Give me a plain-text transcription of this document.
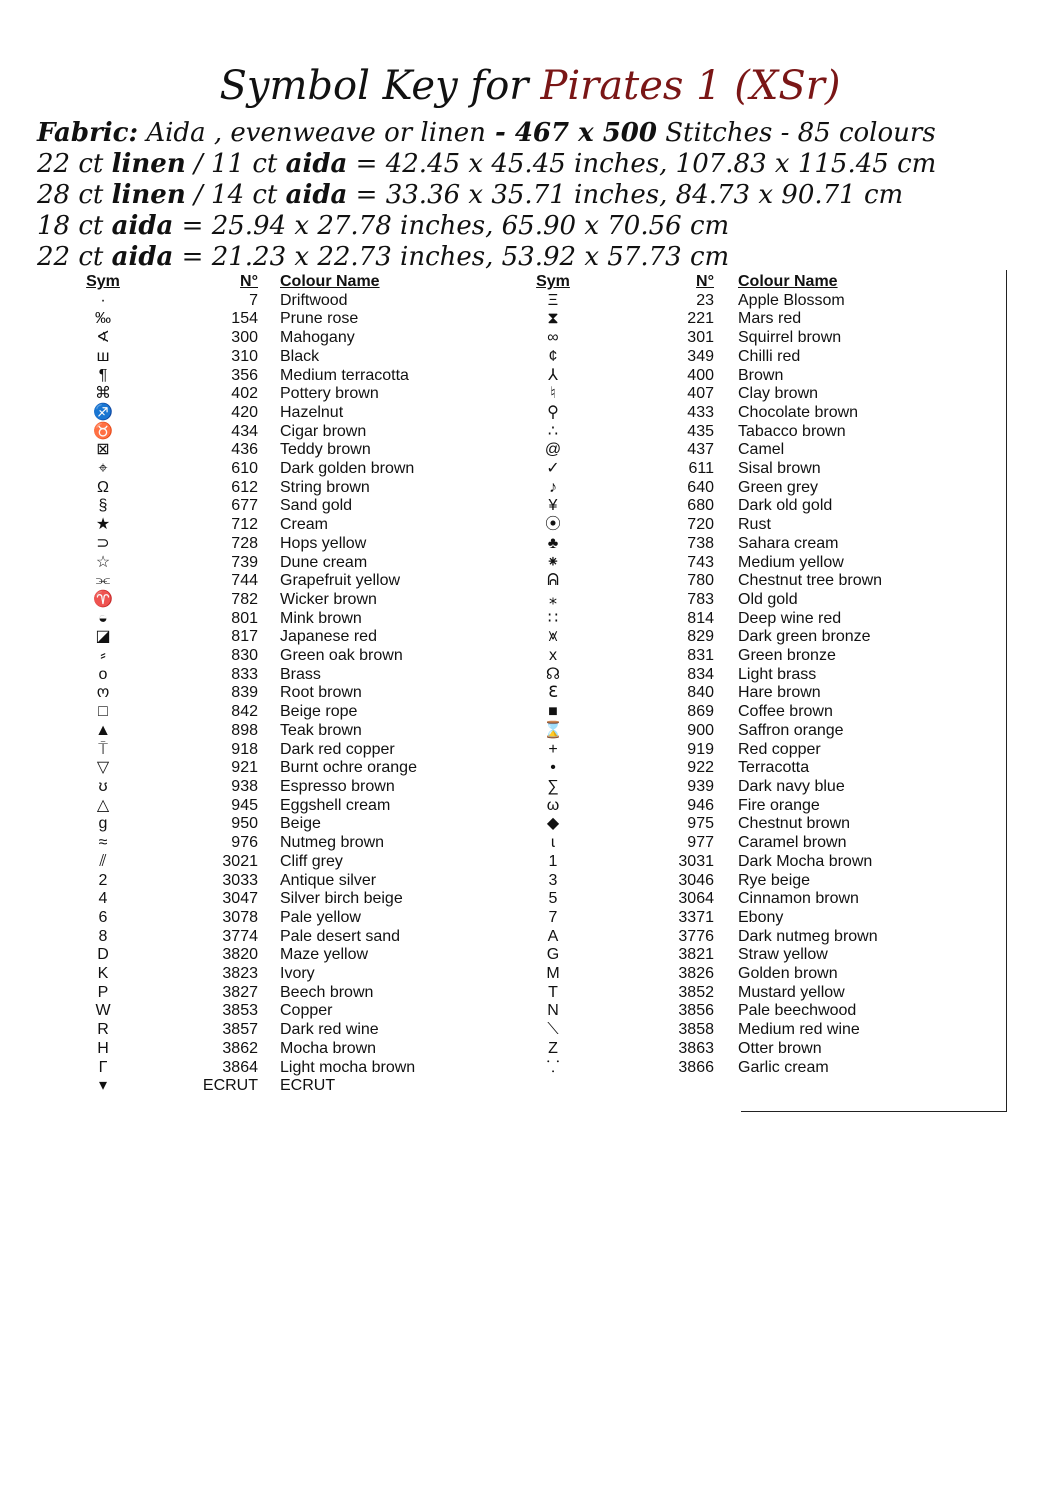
Symbol Key for Pirates 1 (XSr)
Fabric: Aida , evenweave or linen - 467 x 500 Stitches - 85 colours
22 ct linen / 11 ct aida = 42.45 x 45.45 inches, 107.83 x 115.45 cm
28 ct linen / 14 ct aida = 33.36 x 35.71 inches, 84.73 x 90.71 cm
18 ct aida = 25.94 x 27.78 inches, 65.90 x 70.56 cm
22 ct aida = 21.23 x 22.73 inches, 53.92 x 57.73 cm
Sym	N°		Colour Name	Sym	N°		Colour Name
·	7		Driftwood	Ξ	23		Apple Blossom
‰	154		Prune rose	⧗	221		Mars red
∢	300		Mahogany	∞	301		Squirrel brown
ш	310		Black	¢	349		Chilli red
¶	356		Medium terracotta	⅄	400		Brown
⌘	402		Pottery brown	♮	407		Clay brown
♐	420		Hazelnut	⚲	433		Chocolate brown
♉	434		Cigar brown	∴	435		Tabacco brown
⊠	436		Teddy brown	@	437		Camel
⌖	610		Dark golden brown	✓	611		Sisal brown
Ω	612		String brown	♪	640		Green grey
§	677		Sand gold	¥	680		Dark old gold
★	712		Cream	⦿	720		Rust
⊃	728		Hops yellow	♣	738		Sahara cream
☆	739		Dune cream	⁕	743		Medium yellow
⫘	744		Grapefruit yellow	ᕱ	780		Chestnut tree brown
♈	782		Wicker brown	⁎	783		Old gold
◒	801		Mink brown	∷	814		Deep wine red
◪	817		Japanese red	⩙	829		Dark green bronze
⸗	830		Green oak brown	x	831		Green bronze
o	833		Brass	☊	834		Light brass
ო	839		Root brown	ℇ	840		Hare brown
□	842		Beige rope	■	869		Coffee brown
▲	898		Teak brown	⌛	900		Saffron orange
⍑	918		Dark red copper	+	919		Red copper
▽	921		Burnt ochre orange	•	922		Terracotta
ʊ	938		Espresso brown	∑	939		Dark navy blue
△	945		Eggshell cream	ω	946		Fire orange
g	950		Beige	◆	975		Chestnut brown
≈	976		Nutmeg brown	ɩ	977		Caramel brown
⫽	3021		Cliff grey	1	3031		Dark Mocha brown
2	3033		Antique silver	3	3046		Rye beige
4	3047		Silver birch beige	5	3064		Cinnamon brown
6	3078		Pale yellow	7	3371		Ebony
8	3774		Pale desert sand	A	3776		Dark nutmeg brown
D	3820		Maze yellow	G	3821		Straw yellow
K	3823		Ivory	M	3826		Golden brown
P	3827		Beech brown	T	3852		Mustard yellow
W	3853		Copper	N	3856		Pale beechwood
R	3857		Dark red wine	⟍	3858		Medium red wine
H	3862		Mocha brown	Z	3863		Otter brown
Γ	3864		Light mocha brown	⸪	3866		Garlic cream
▾	ECRUT		ECRUT				
